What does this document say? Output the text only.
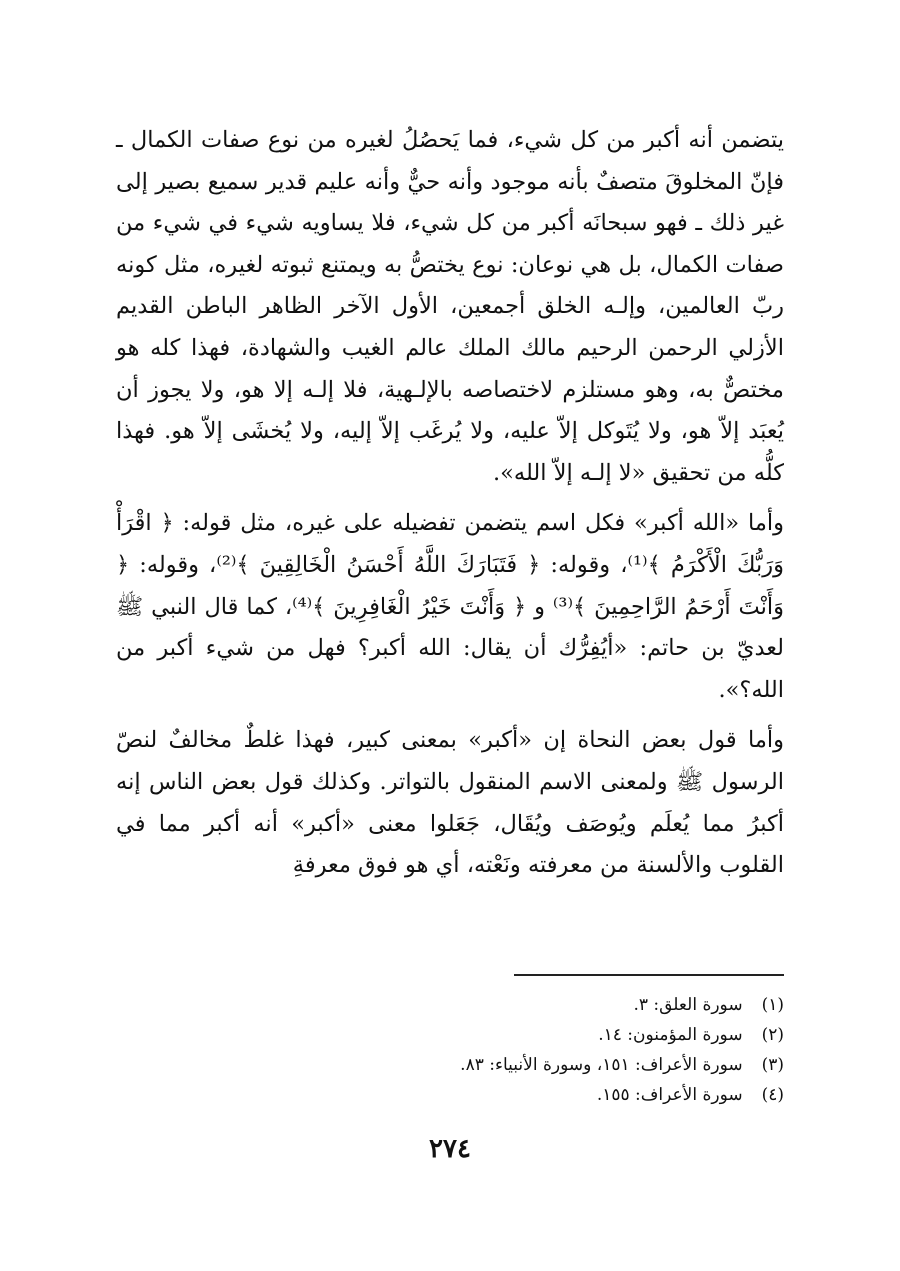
يتضمن أنه أكبر من كل شيء، فما يَحصُلُ لغيره من نوع صفات الكمال ـ فإنّ المخلوقَ متصفٌ بأنه موجود وأنه حيٌّ وأنه عليم قدير سميع بصير إلى غير ذلك ـ فهو سبحانَه أكبر من كل شيء، فلا يساويه شيء في شيء من صفات الكمال، بل هي نوعان: نوع يختصُّ به ويمتنع ثبوته لغيره، مثل كونه ربّ العالمين، وإلـه الخلق أجمعين، الأول الآخر الظاهر الباطن القديم الأزلي الرحمن الرحيم مالك الملك عالم الغيب والشهادة، فهذا كله هو مختصٌّ به، وهو مستلزم لاختصاصه بالإلـهية، فلا إلـه إلا هو، ولا يجوز أن يُعبَد إلاّ هو، ولا يُتَوكل إلاّ عليه، ولا يُرغَب إلاّ إليه، ولا يُخشَى إلاّ هو. فهذا كلُّه من تحقيق «لا إلـه إلاّ الله».

وأما «الله أكبر» فكل اسم يتضمن تفضيله على غيره، مثل قوله: ﴿ اقْرَأْ وَرَبُّكَ الْأَكْرَمُ ﴾⁽¹⁾، وقوله: ﴿ فَتَبَارَكَ اللَّهُ أَحْسَنُ الْخَالِقِينَ ﴾⁽²⁾، وقوله: ﴿ وَأَنْتَ أَرْحَمُ الرَّاحِمِينَ ﴾⁽³⁾ و ﴿ وَأَنْتَ خَيْرُ الْغَافِرِينَ ﴾⁽⁴⁾، كما قال النبي ﷺ لعديّ بن حاتم: «أيُفِرُّك أن يقال: الله أكبر؟ فهل من شيء أكبر من الله؟».

وأما قول بعض النحاة إن «أكبر» بمعنى كبير، فهذا غلطٌ مخالفٌ لنصّ الرسول ﷺ ولمعنى الاسم المنقول بالتواتر. وكذلك قول بعض الناس إنه أكبرُ مما يُعلَم ويُوصَف ويُقَال، جَعَلوا معنى «أكبر» أنه أكبر مما في القلوب والألسنة من معرفته ونَعْته، أي هو فوق معرفةِ

(١) سورة العلق: ٣.
(٢) سورة المؤمنون: ١٤.
(٣) سورة الأعراف: ١٥١، وسورة الأنبياء: ٨٣.
(٤) سورة الأعراف: ١٥٥.
٢٧٤
